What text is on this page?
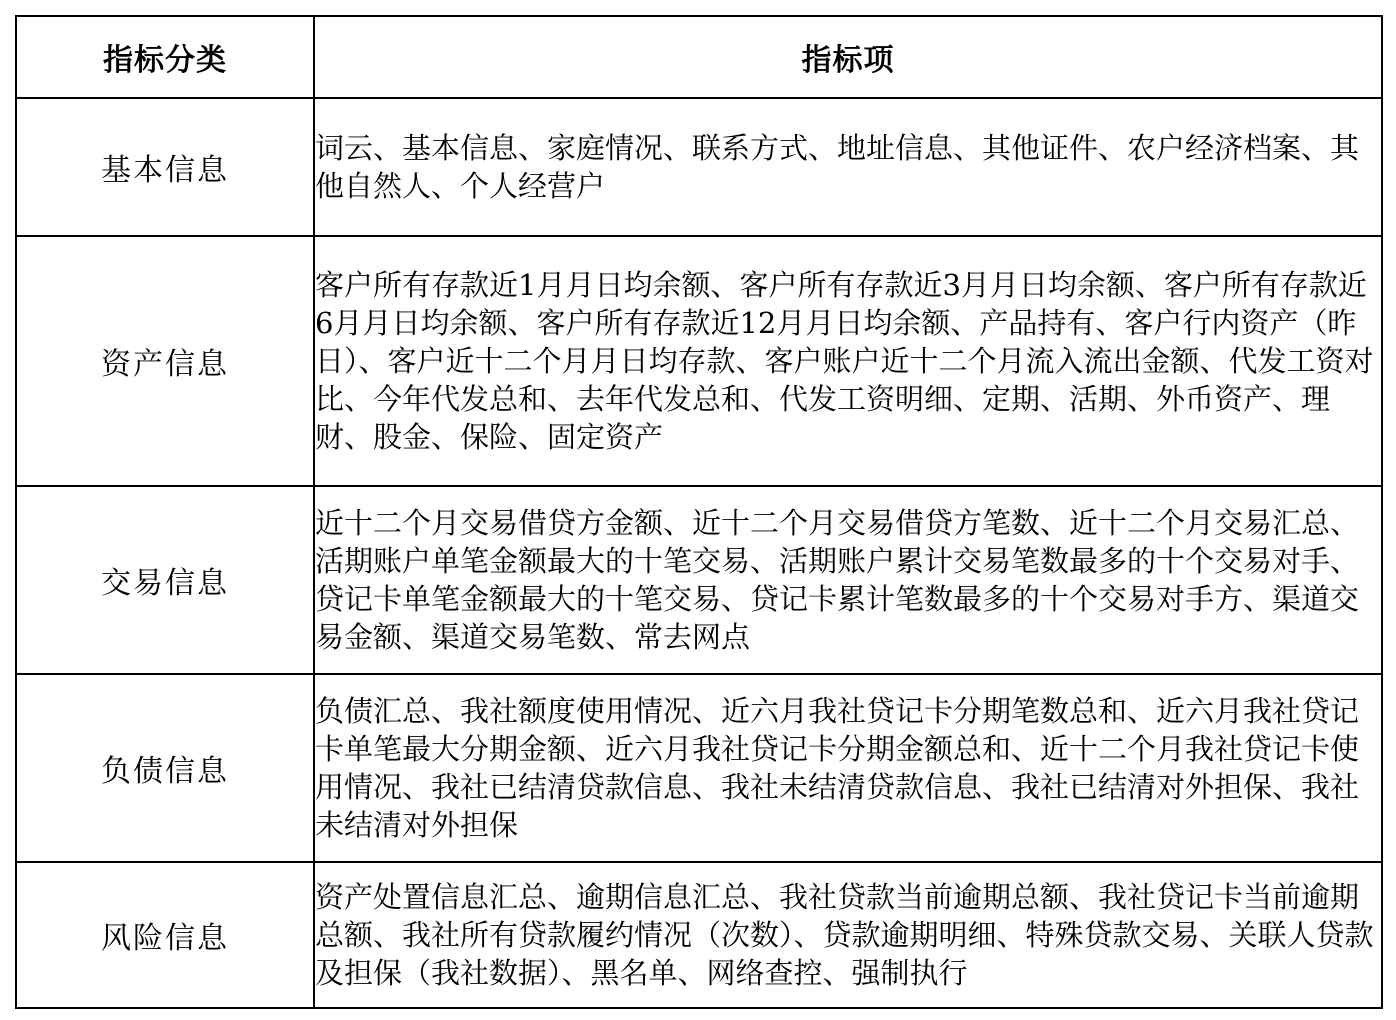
指标分类	指标项
基本信息	词云、基本信息、家庭情况、联系方式、地址信息、其他证件、农户经济档案、其他自然人、个人经营户
资产信息	客户所有存款近1月月日均余额、客户所有存款近3月月日均余额、客户所有存款近6月月日均余额、客户所有存款近12月月日均余额、产品持有、客户行内资产（昨日）、客户近十二个月月日均存款、客户账户近十二个月流入流出金额、代发工资对比、今年代发总和、去年代发总和、代发工资明细、定期、活期、外币资产、理财、股金、保险、固定资产
交易信息	近十二个月交易借贷方金额、近十二个月交易借贷方笔数、近十二个月交易汇总、活期账户单笔金额最大的十笔交易、活期账户累计交易笔数最多的十个交易对手、贷记卡单笔金额最大的十笔交易、贷记卡累计笔数最多的十个交易对手方、渠道交易金额、渠道交易笔数、常去网点
负债信息	负债汇总、我社额度使用情况、近六月我社贷记卡分期笔数总和、近六月我社贷记卡单笔最大分期金额、近六月我社贷记卡分期金额总和、近十二个月我社贷记卡使用情况、我社已结清贷款信息、我社未结清贷款信息、我社已结清对外担保、我社未结清对外担保
风险信息	资产处置信息汇总、逾期信息汇总、我社贷款当前逾期总额、我社贷记卡当前逾期总额、我社所有贷款履约情况（次数）、贷款逾期明细、特殊贷款交易、关联人贷款及担保（我社数据）、黑名单、网络查控、强制执行
